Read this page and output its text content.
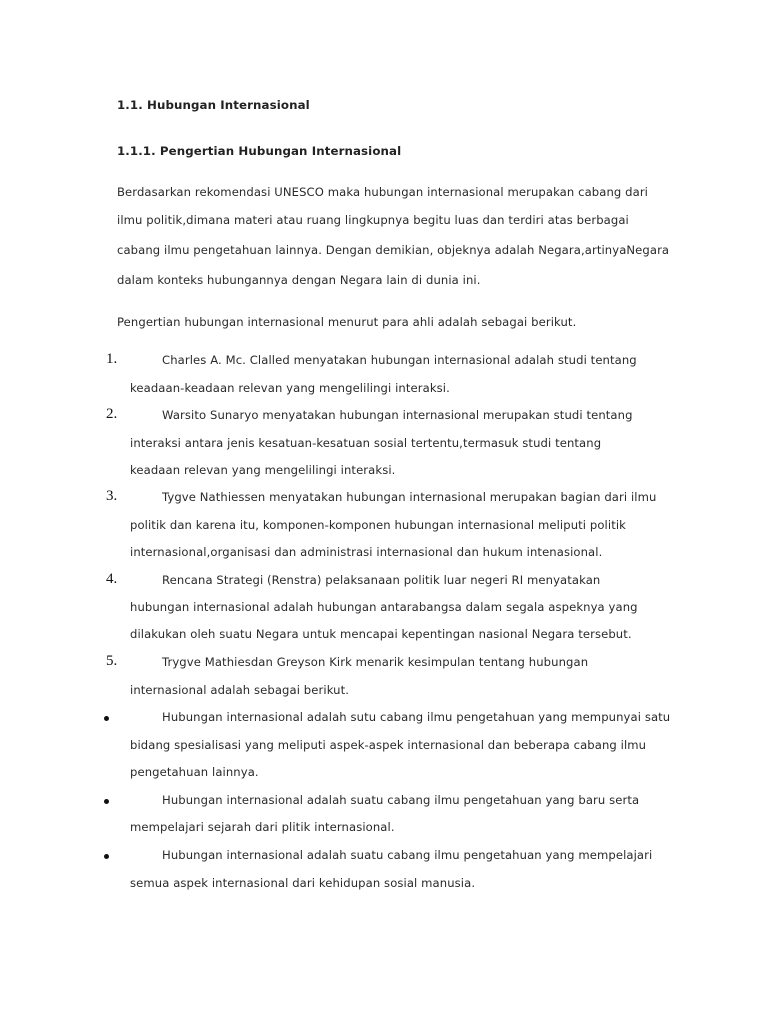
1.1. Hubungan Internasional
1.1.1. Pengertian Hubungan Internasional
Berdasarkan rekomendasi UNESCO maka hubungan internasional merupakan cabang dari
ilmu politik,dimana materi atau ruang lingkupnya begitu luas dan terdiri atas berbagai
cabang ilmu pengetahuan lainnya. Dengan demikian, objeknya adalah Negara,artinyaNegara
dalam konteks hubungannya dengan Negara lain di dunia ini.
Pengertian hubungan internasional menurut para ahli adalah sebagai berikut.
1.	Charles A. Mc. Clalled menyatakan hubungan internasional adalah studi tentang
keadaan-keadaan relevan yang mengelilingi interaksi.
2.	Warsito Sunaryo menyatakan hubungan internasional merupakan studi tentang
interaksi antara jenis kesatuan-kesatuan sosial tertentu,termasuk studi tentang
keadaan relevan yang mengelilingi interaksi.
3.	Tygve Nathiessen menyatakan hubungan internasional merupakan bagian dari ilmu
politik dan karena itu, komponen-komponen hubungan internasional meliputi politik
internasional,organisasi dan administrasi internasional dan hukum intenasional.
4.	Rencana Strategi (Renstra) pelaksanaan politik luar negeri RI menyatakan
hubungan internasional adalah hubungan antarabangsa dalam segala aspeknya yang
dilakukan oleh suatu Negara untuk mencapai kepentingan nasional Negara tersebut.
5.	Trygve Mathiesdan Greyson Kirk menarik kesimpulan tentang hubungan
internasional adalah sebagai berikut.
Hubungan internasional adalah sutu cabang ilmu pengetahuan yang mempunyai satu
bidang spesialisasi yang meliputi aspek-aspek internasional dan beberapa cabang ilmu
pengetahuan lainnya.
Hubungan internasional adalah suatu cabang ilmu pengetahuan yang baru serta
mempelajari sejarah dari plitik internasional.
Hubungan internasional adalah suatu cabang ilmu pengetahuan yang mempelajari
semua aspek internasional dari kehidupan sosial manusia.
